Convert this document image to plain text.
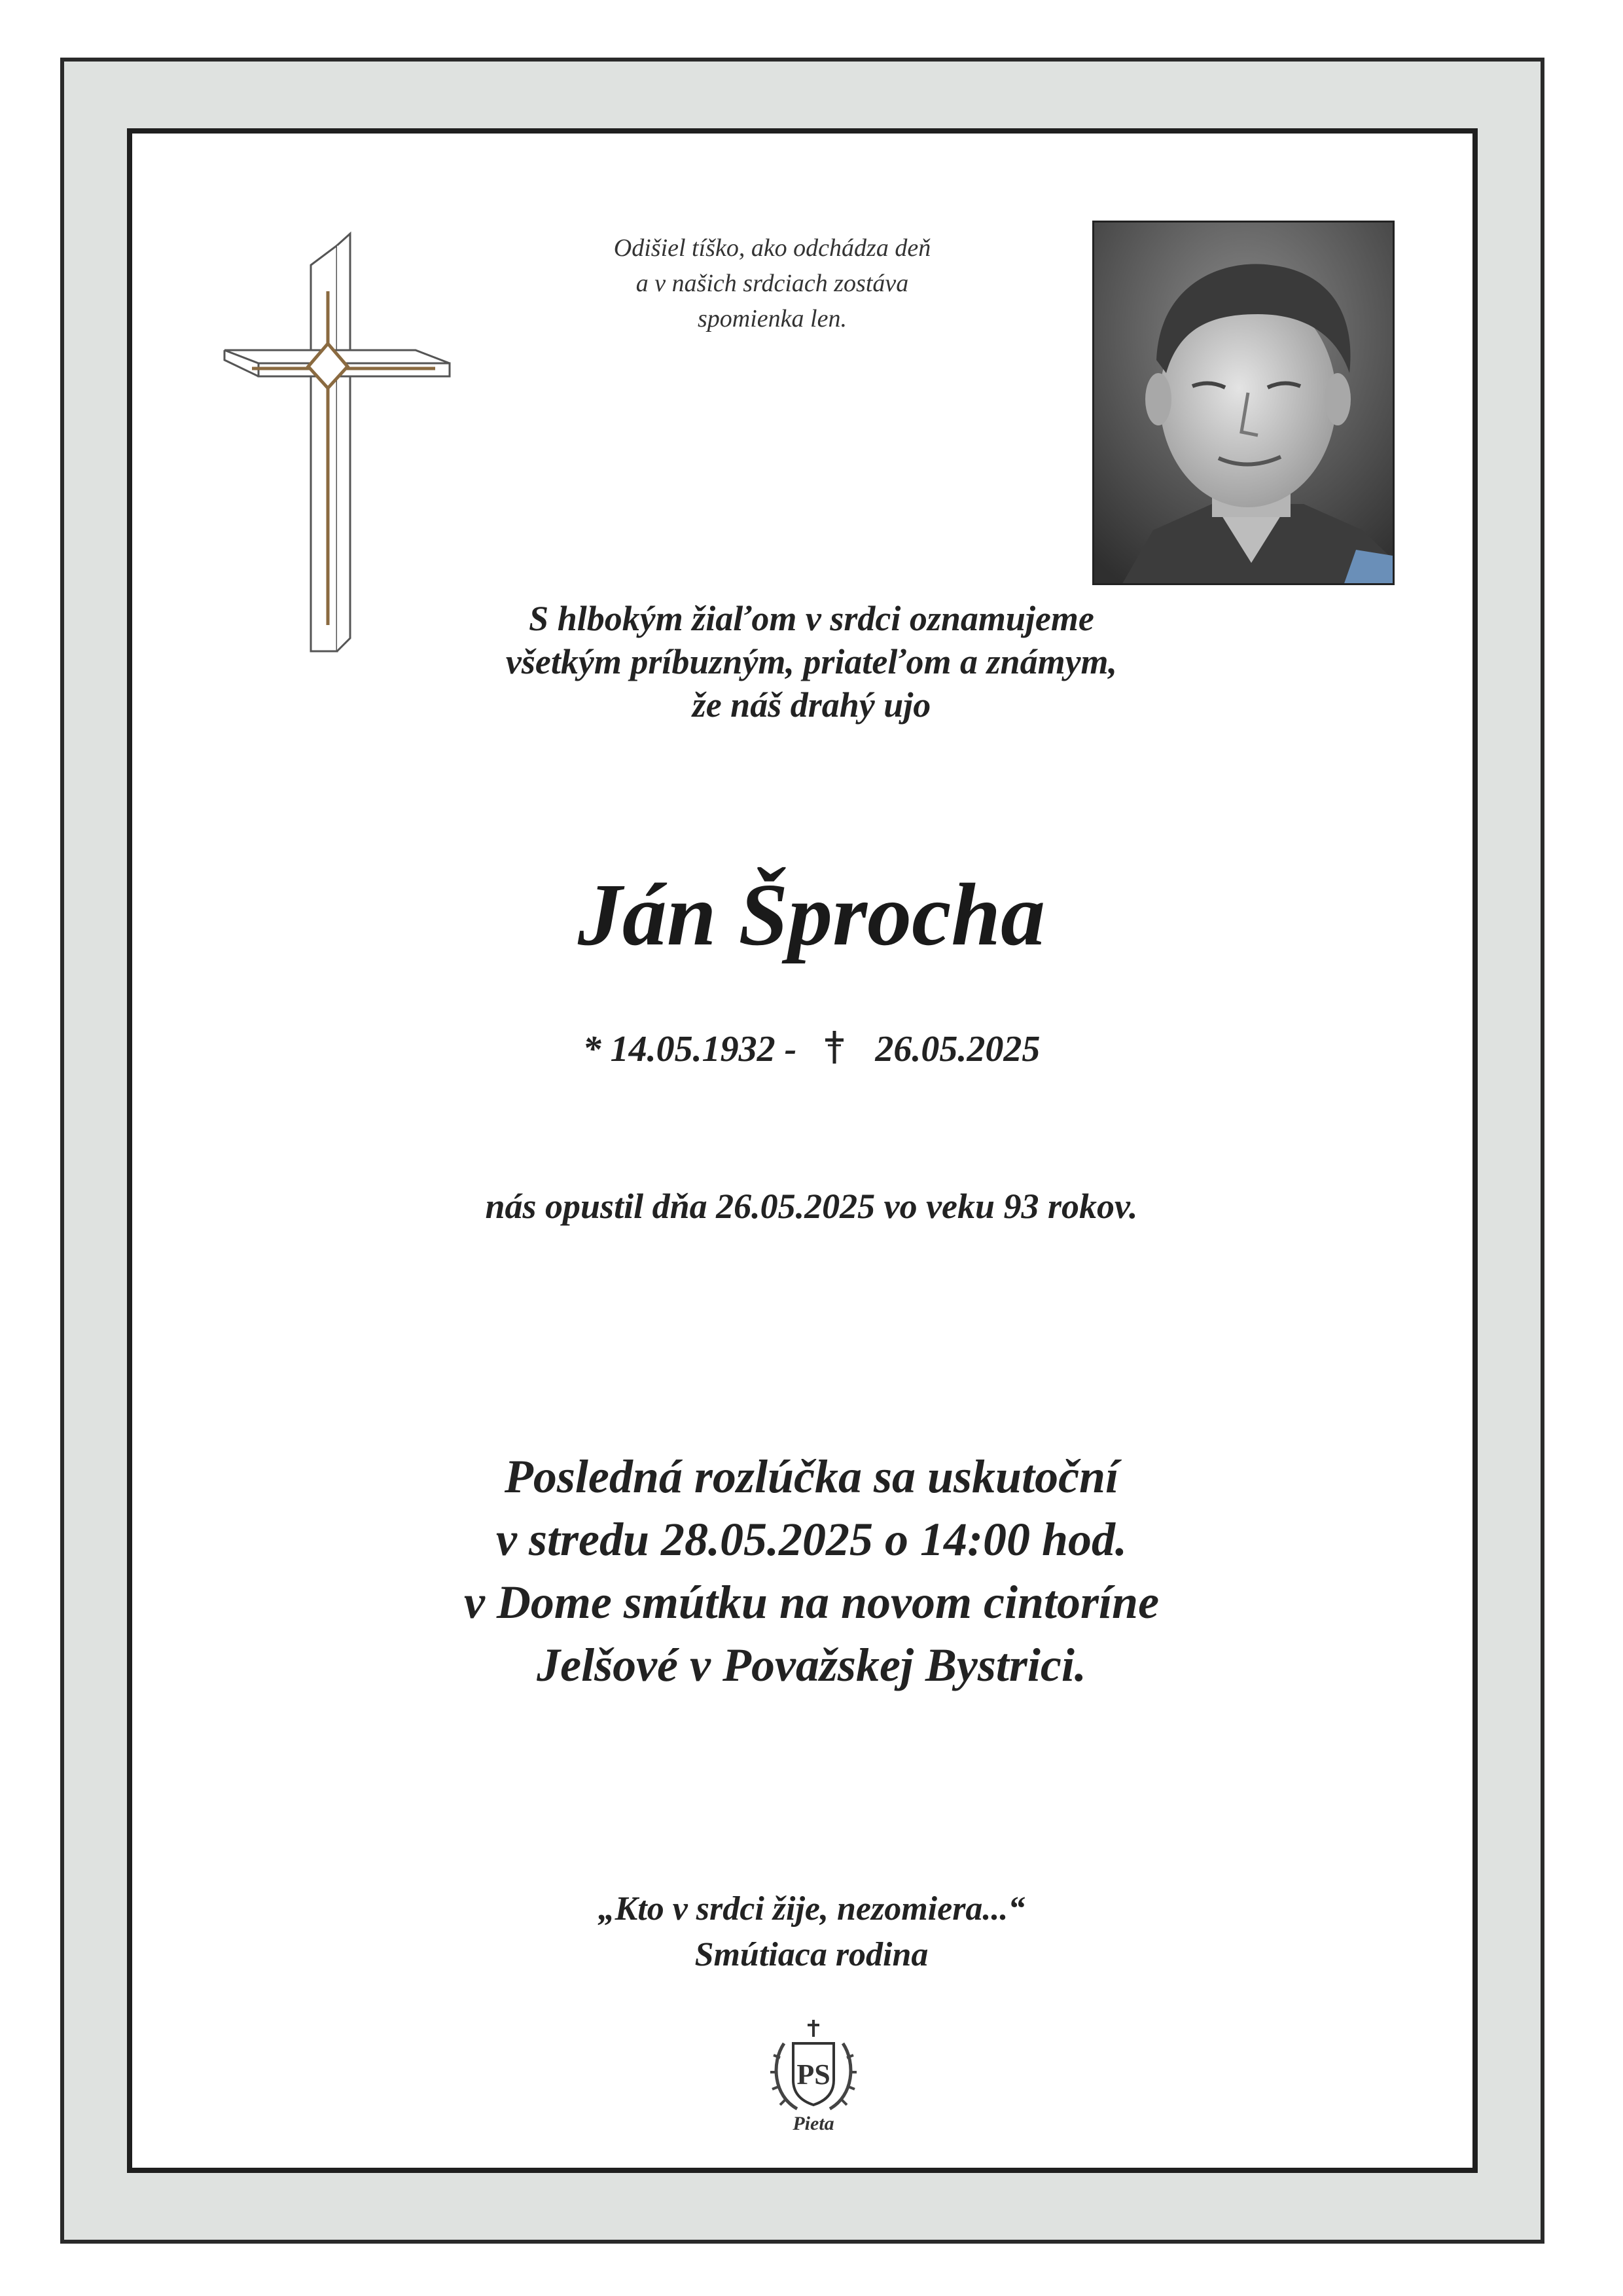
Odišiel tíško, ako odchádza deň
a v našich srdciach zostáva
spomienka len.
S hlbokým žiaľom v srdci oznamujeme
všetkým príbuzným, priateľom a známym,
že náš drahý ujo
Ján Šprocha
* 14.05.1932 - 26.05.2025
nás opustil dňa 26.05.2025 vo veku 93 rokov.
Posledná rozlúčka sa uskutoční
v stredu 28.05.2025 o 14:00 hod.
v Dome smútku na novom cintoríne
Jelšové v Považskej Bystrici.
„Kto v srdci žije, nezomiera...“
Smútiaca rodina
PS
Pieta
